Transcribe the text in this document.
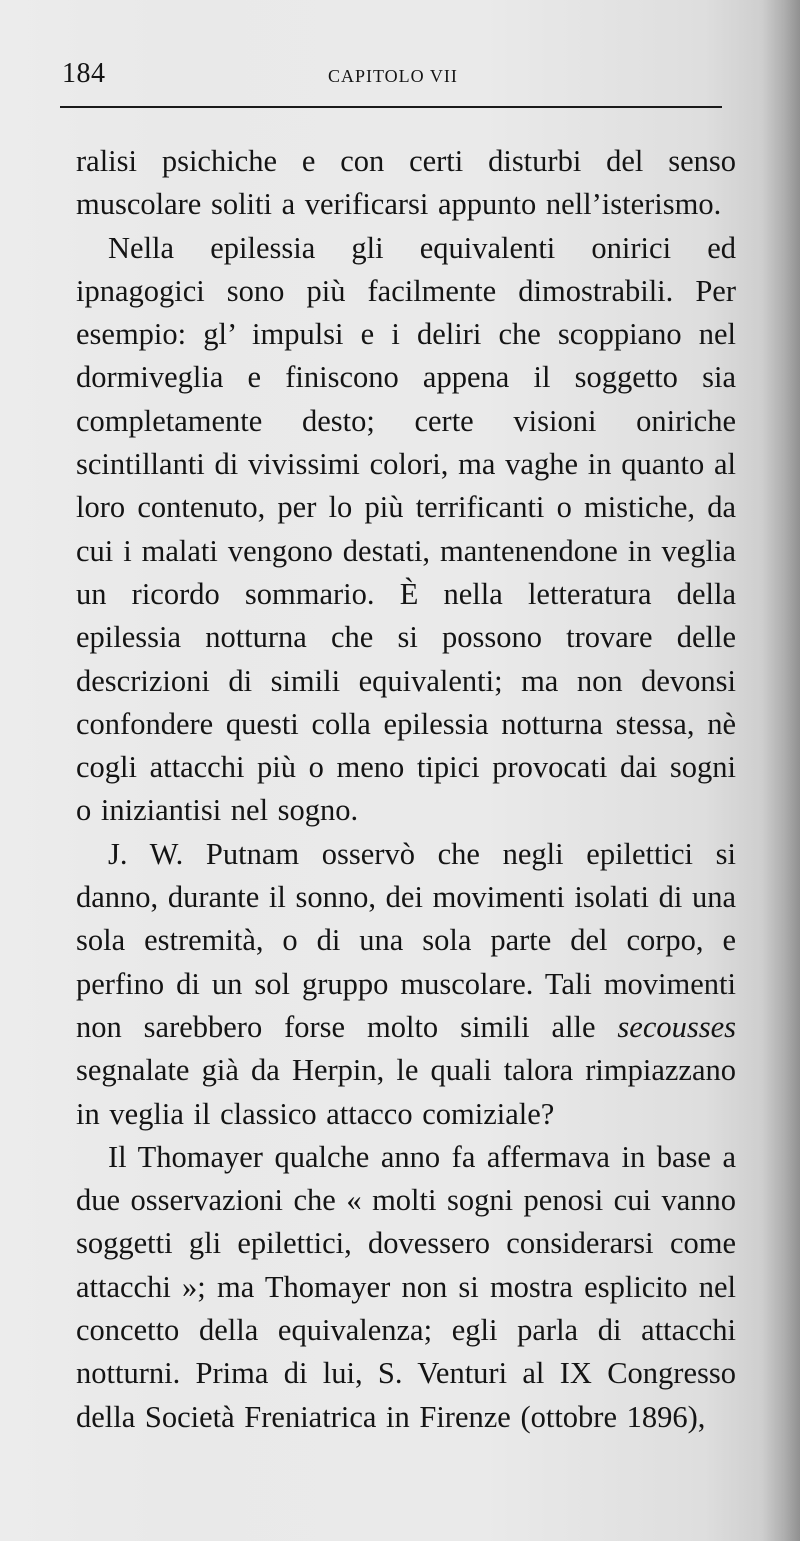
184	CAPITOLO VII

ralisi psichiche e con certi disturbi del senso muscolare soliti a verificarsi appunto nell’isterismo.

Nella epilessia gli equivalenti onirici ed ipnagogici sono più facilmente dimostrabili. Per esempio: gl’ impulsi e i deliri che scoppiano nel dormiveglia e finiscono appena il soggetto sia completamente desto; certe visioni oniriche scintillanti di vivissimi colori, ma vaghe in quanto al loro contenuto, per lo più terrificanti o mistiche, da cui i malati vengono destati, mantenendone in veglia un ricordo sommario. È nella letteratura della epilessia notturna che si possono trovare delle descrizioni di simili equivalenti; ma non devonsi confondere questi colla epilessia notturna stessa, nè cogli attacchi più o meno tipici provocati dai sogni o iniziantisi nel sogno.

J. W. Putnam osservò che negli epilettici si danno, durante il sonno, dei movimenti isolati di una sola estremità, o di una sola parte del corpo, e perfino di un sol gruppo muscolare. Tali movimenti non sarebbero forse molto simili alle secousses segnalate già da Herpin, le quali talora rimpiazzano in veglia il classico attacco comiziale?

Il Thomayer qualche anno fa affermava in base a due osservazioni che « molti sogni penosi cui vanno soggetti gli epilettici, dovessero considerarsi come attacchi »; ma Thomayer non si mostra esplicito nel concetto della equivalenza; egli parla di attacchi notturni. Prima di lui, S. Venturi al IX Congresso della Società Freniatrica in Firenze (ottobre 1896),
